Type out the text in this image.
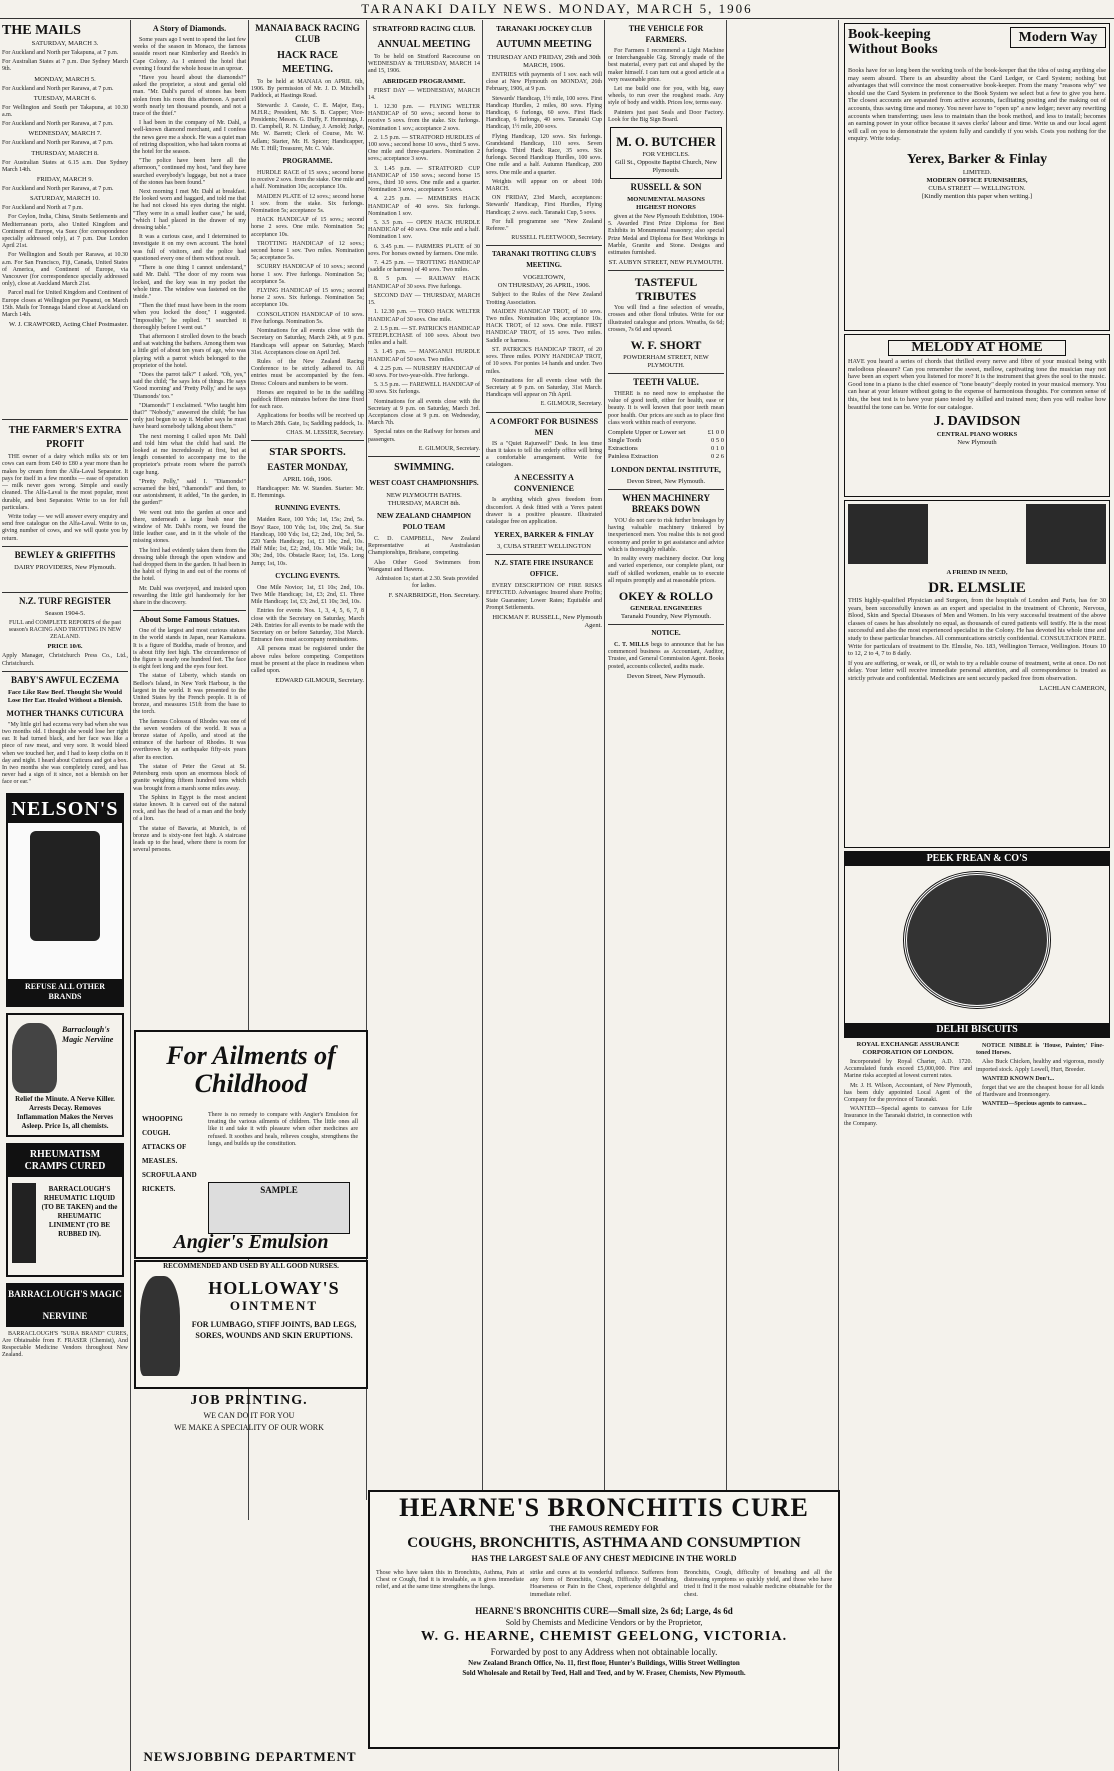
TARANAKI DAILY NEWS. MONDAY, MARCH 5, 1906
THE MAILS
SATURDAY, MARCH 3.
For Auckland and North per Takapuna, at 7 p.m.
For Australian States at 7 p.m. Due Sydney March 9th.
MONDAY, MARCH 5.
For Auckland and North per Rarawa, at 7 p.m.
TUESDAY, MARCH 6.
For Wellington and South per Takapuna, at 10.30 a.m.
For Auckland and North per Rarawa, at 7 p.m.
WEDNESDAY, MARCH 7.
For Auckland and North per Rarawa, at 7 p.m.
THURSDAY, MARCH 8.
For Australian States at 6.15 a.m. Due Sydney March 14th.
FRIDAY, MARCH 9.
For Auckland and North per Rarawa, at 7 p.m.
SATURDAY, MARCH 10.
For Auckland and North at 7 p.m.
For Ceylon, India, China, Straits Settlements and Mediterranean ports, also United Kingdom and Continent of Europe, via Suez (for correspondence specially addressed only), at 7 p.m. Due London April 21st.
For Wellington and South per Rarawa, at 10.30 a.m. For San Francisco, Fiji, Canada, United States of America, and Continent of Europe, via Vancouver (for correspondence specially addressed only), close at Auckland March 21st.
Parcel mail for United Kingdom and Continent of Europe closes at Wellington per Papanui, on March 15th. Mails for Tonnaga Island close at Auckland on March 14th.
W. J. CRAWFORD, Acting Chief Postmaster.
THE FARMER'S EXTRA PROFIT
THE owner of a dairy which milks six or ten cows can earn from £40 to £80 a year more than he makes by cream from the Alfa-Laval Separator. It pays for itself in a few months — ease of operation — milk never goes wrong. Simple and easily cleaned. The Alfa-Laval is the most popular, most durable, and best Separator. Write to us for full particulars.
Write today — we will answer every enquiry and send free catalogue on the Alfa-Laval. Write to us, giving number of cows, and we will quote you by return.
BEWLEY & GRIFFITHS
DAIRY PROVIDERS, New Plymouth.
N.Z. TURF REGISTER
Season 1904-5.
FULL and COMPLETE REPORTS of the past season's RACING AND TROTTING IN NEW ZEALAND.
PRICE 10/6.
Apply Manager, Christchurch Press Co., Ltd., Christchurch.
BABY'S AWFUL ECZEMA
Face Like Raw Beef. Thought She Would Lose Her Ear. Healed Without a Blemish.
MOTHER THANKS CUTICURA
"My little girl had eczema very bad when she was two months old. I thought she would lose her right ear. It had turned black, and her face was like a piece of raw meat, and very sore. It would bleed when we touched her, and I had to keep cloths on it day and night. I heard about Cuticura and got a box. In two months she was completely cured, and has never had a sign of it since, not a blemish on her face or ear."
NELSON'S
REFUSE ALL OTHER BRANDS
Barraclough's Magic Nerviine
Relief the Minute. A Nerve Killer. Arrests Decay. Removes Inflammation Makes the Nerves Asleep. Price 1s, all chemists.
RHEUMATISM CRAMPS CURED
BARRACLOUGH'S RHEUMATIC LIQUID (TO BE TAKEN) and the RHEUMATIC LINIMENT (TO BE RUBBED IN).
BARRACLOUGH'S MAGIC NERVIINE
BARRACLOUGH'S "SURA BRAND" CURES, Are Obtainable from F. FRASER (Chemist), And Respectable Medicine Vendors throughout New Zealand.
A Story of Diamonds.
Some years ago I went to spend the last few weeks of the season in Monaco, the famous seaside resort near Kimberley and Reeds's in Cape Colony. As I entered the hotel that evening I found the whole house in an uproar.
"Have you heard about the diamonds?" asked the proprietor, a stout and genial old man. "Mr. Dahl's parcel of stones has been stolen from his room this afternoon. A parcel worth nearly ten thousand pounds, and not a trace of the thief."
I had been in the company of Mr. Dahl, a well-known diamond merchant, and I confess the news gave me a shock. He was a quiet man of retiring disposition, who had taken rooms at the hotel for the season.
"The police have been here all the afternoon," continued my host, "and they have searched everybody's luggage, but not a trace of the stones has been found."
Next morning I met Mr. Dahl at breakfast. He looked worn and haggard, and told me that he had not closed his eyes during the night. "They were in a small leather case," he said, "which I had placed in the drawer of my dressing table."
It was a curious case, and I determined to investigate it on my own account. The hotel was full of visitors, and the police had questioned every one of them without result.
"There is one thing I cannot understand," said Mr. Dahl. "The door of my room was locked, and the key was in my pocket the whole time. The window was fastened on the inside."
"Then the thief must have been in the room when you locked the door," I suggested. "Impossible," he replied. "I searched it thoroughly before I went out."
That afternoon I strolled down to the beach and sat watching the bathers. Among them was a little girl of about ten years of age, who was playing with a parrot which belonged to the proprietor of the hotel.
"Does the parrot talk?" I asked. "Oh, yes," said the child; "he says lots of things. He says 'Good morning' and 'Pretty Polly,' and he says 'Diamonds' too."
"Diamonds!" I exclaimed. "Who taught him that?" "Nobody," answered the child; "he has only just begun to say it. Mother says he must have heard somebody talking about them."
The next morning I called upon Mr. Dahl and told him what the child had said. He looked at me incredulously at first, but at length consented to accompany me to the proprietor's private room where the parrot's cage hung.
"Pretty Polly," said I. "Diamonds!" screamed the bird, "diamonds!" and then, to our astonishment, it added, "In the garden, in the garden!"
We went out into the garden at once and there, underneath a large bush near the window of Mr. Dahl's room, we found the little leather case, and in it the whole of the missing stones.
The bird had evidently taken them from the dressing table through the open window and had dropped them in the garden. It had been in the habit of flying in and out of the rooms of the hotel.
Mr. Dahl was overjoyed, and insisted upon rewarding the little girl handsomely for her share in the discovery.
About Some Famous Statues.
One of the largest and most curious statues in the world stands in Japan, near Kamakura. It is a figure of Buddha, made of bronze, and is about fifty feet high. The circumference of the figure is nearly one hundred feet. The face is eight feet long and the eyes four feet.
The statue of Liberty, which stands on Bedloe's Island, in New York Harbour, is the largest in the world. It was presented to the United States by the French people. It is of bronze, and measures 151ft from the base to the torch.
The famous Colossus of Rhodes was one of the seven wonders of the world. It was a bronze statue of Apollo, and stood at the entrance of the harbour of Rhodes. It was overthrown by an earthquake fifty-six years after its erection.
The statue of Peter the Great at St. Petersburg rests upon an enormous block of granite weighing fifteen hundred tons which was brought from a marsh some miles away.
The Sphinx in Egypt is the most ancient statue known. It is carved out of the natural rock, and has the head of a man and the body of a lion.
The statue of Bavaria, at Munich, is of bronze and is sixty-one feet high. A staircase leads up to the head, where there is room for several persons.
MANAIA BACK RACING CLUB
HACK RACE MEETING.
To be held at MANAIA on APRIL 6th, 1906. By permission of Mr. J. D. Mitchell's Paddock, at Hastings Road.
Stewards: J. Cassie, C. E. Major, Esq., M.H.R.; President, Mr. S. B. Capper; Vice-Presidents; Messrs. G. Duffy, F. Hemmings, J. D. Campbell, R. N. Lindsay, J. Arnold; Judge, Mr. W. Barrett; Clerk of Course, Mr. W. Adlam; Starter, Mr. H. Spicer; Handicapper, Mr. T. Hill; Treasurer, Mr. C. Vale.
PROGRAMME.
HURDLE RACE of 15 sovs.; second horse to receive 2 sovs. from the stake. One mile and a half. Nomination 10s; acceptance 10s.
MAIDEN PLATE of 12 sovs.; second horse 1 sov. from the stake. Six furlongs. Nomination 5s; acceptance 5s.
HACK HANDICAP of 15 sovs.; second horse 2 sovs. One mile. Nomination 5s; acceptance 10s.
TROTTING HANDICAP of 12 sovs.; second horse 1 sov. Two miles. Nomination 5s; acceptance 5s.
SCURRY HANDICAP of 10 sovs.; second horse 1 sov. Five furlongs. Nomination 5s; acceptance 5s.
FLYING HANDICAP of 15 sovs.; second horse 2 sovs. Six furlongs. Nomination 5s; acceptance 10s.
CONSOLATION HANDICAP of 10 sovs. Five furlongs. Nomination 5s.
Nominations for all events close with the Secretary on Saturday, March 24th, at 9 p.m. Handicaps will appear on Saturday, March 31st. Acceptances close on April 3rd.
Rules of the New Zealand Racing Conference to be strictly adhered to. All entries must be accompanied by the fees. Dress: Colours and numbers to be worn.
Horses are required to be in the saddling paddock fifteen minutes before the time fixed for each race.
Applications for booths will be received up to March 28th. Gate, 1s; Saddling paddock, 1s.
CHAS. M. LESSIER, Secretary.
STAR SPORTS.
EASTER MONDAY,
APRIL 16th, 1906.
Handicapper: Mr. W. Standen. Starter: Mr. E. Hemmings.
RUNNING EVENTS.
Maiden Race, 100 Yds; 1st, 15s; 2nd, 5s. Boys' Race, 100 Yds; 1st, 10s; 2nd, 5s. Star Handicap, 100 Yds; 1st, £2; 2nd, 10s; 3rd, 5s. 220 Yards Handicap; 1st, £1 10s; 2nd, 10s. Half Mile; 1st, £2; 2nd, 10s. Mile Walk; 1st, 30s; 2nd, 10s. Obstacle Race; 1st, 15s. Long Jump; 1st, 10s.
CYCLING EVENTS.
One Mile Novice; 1st, £1 10s; 2nd, 10s. Two Mile Handicap; 1st, £3; 2nd, £1. Three Mile Handicap; 1st, £3; 2nd, £1 10s; 3rd, 10s.
Entries for events Nos. 1, 3, 4, 5, 6, 7, 8 close with the Secretary on Saturday, March 24th. Entries for all events to be made with the Secretary on or before Saturday, 31st March. Entrance fees must accompany nominations.
All persons must be registered under the above rules before competing. Competitors must be present at the place in readiness when called upon.
EDWARD GILMOUR, Secretary.
STRATFORD RACING CLUB.
ANNUAL MEETING
To be held on Stratford Racecourse on WEDNESDAY & THURSDAY, MARCH 14 and 15, 1906.
ABRIDGED PROGRAMME.
FIRST DAY — WEDNESDAY, MARCH 14.
1. 12.30 p.m. — FLYING WELTER HANDICAP of 50 sovs.; second horse to receive 5 sovs. from the stake. Six furlongs. Nomination 1 sov.; acceptance 2 sovs.
2. 1.5 p.m. — STRATFORD HURDLES of 100 sovs.; second horse 10 sovs., third 5 sovs. One mile and three-quarters. Nomination 2 sovs.; acceptance 3 sovs.
3. 1.45 p.m. — STRATFORD CUP HANDICAP of 150 sovs.; second horse 15 sovs., third 10 sovs. One mile and a quarter. Nomination 3 sovs.; acceptance 5 sovs.
4. 2.25 p.m. — MEMBERS HACK HANDICAP of 40 sovs. Six furlongs. Nomination 1 sov.
5. 3.5 p.m. — OPEN HACK HURDLE HANDICAP of 40 sovs. One mile and a half. Nomination 1 sov.
6. 3.45 p.m. — FARMERS PLATE of 30 sovs. For horses owned by farmers. One mile.
7. 4.25 p.m. — TROTTING HANDICAP (saddle or harness) of 40 sovs. Two miles.
8. 5 p.m. — RAILWAY HACK HANDICAP of 30 sovs. Five furlongs.
SECOND DAY — THURSDAY, MARCH 15.
1. 12.30 p.m. — TOKO HACK WELTER HANDICAP of 30 sovs. One mile.
2. 1.5 p.m. — ST. PATRICK'S HANDICAP STEEPLECHASE of 100 sovs. About two miles and a half.
3. 1.45 p.m. — MANGANUI HURDLE HANDICAP of 50 sovs. Two miles.
4. 2.25 p.m. — NURSERY HANDICAP of 40 sovs. For two-year-olds. Five furlongs.
5. 3.5 p.m. — FAREWELL HANDICAP of 30 sovs. Six furlongs.
Nominations for all events close with the Secretary at 9 p.m. on Saturday, March 3rd. Acceptances close at 9 p.m. on Wednesday, March 7th.
Special rates on the Railway for horses and passengers.
E. GILMOUR, Secretary.
SWIMMING.
WEST COAST CHAMPIONSHIPS.
NEW PLYMOUTH BATHS.
THURSDAY, MARCH 8th.
NEW ZEALAND CHAMPION POLO TEAM
C. D. CAMPBELL, New Zealand Representative at Australasian Championships, Brisbane, competing.
Also Other Good Swimmers from Wanganui and Hawera.
Admission 1s; start at 2.30. Seats provided for ladies.
F. SNARBRIDGE, Hon. Secretary.
TARANAKI JOCKEY CLUB
AUTUMN MEETING
THURSDAY AND FRIDAY, 29th and 30th MARCH, 1906.
ENTRIES with payments of 1 sov. each will close at New Plymouth on MONDAY, 26th February, 1906, at 9 p.m.
Stewards' Handicap, 1½ mile, 100 sovs. First Handicap Hurdles, 2 miles, 80 sovs. Flying Handicap, 6 furlongs, 60 sovs. First Hack Handicap, 6 furlongs, 40 sovs. Taranaki Cup Handicap, 1½ mile, 200 sovs.
Flying Handicap, 120 sovs. Six furlongs. Grandstand Handicap, 110 sovs. Seven furlongs. Third Hack Race, 35 sovs. Six furlongs. Second Handicap Hurdles, 100 sovs. One mile and a half. Autumn Handicap, 200 sovs. One mile and a quarter.
Weights will appear on or about 10th MARCH.
ON FRIDAY, 23rd March, acceptances: Stewards' Handicap, First Hurdles, Flying Handicap; 2 sovs. each. Taranaki Cup, 5 sovs.
For full programme see "New Zealand Referee."
RUSSELL FLEETWOOD, Secretary.
TARANAKI TROTTING CLUB'S MEETING.
VOGELTOWN,
ON THURSDAY, 26 APRIL, 1906.
Subject to the Rules of the New Zealand Trotting Association.
MAIDEN HANDICAP TROT, of 10 sovs. Two miles. Nomination 10s; acceptance 10s. HACK TROT, of 12 sovs. One mile. FIRST HANDICAP TROT, of 15 sovs. Two miles. Saddle or harness.
ST. PATRICK'S HANDICAP TROT, of 20 sovs. Three miles. PONY HANDICAP TROT, of 10 sovs. For ponies 14 hands and under. Two miles.
Nominations for all events close with the Secretary at 9 p.m. on Saturday, 31st March. Handicaps will appear on 7th April.
E. GILMOUR, Secretary.
A COMFORT FOR BUSINESS MEN
IS a "Quiet Rajunwell" Desk. In less time than it takes to tell the orderly office will bring a comfortable arrangement. Write for catalogues.
A NECESSITY A CONVENIENCE
Is anything which gives freedom from discomfort. A desk fitted with a Yerex patent drawer is a positive pleasure. Illustrated catalogue free on application.
YEREX, BARKER & FINLAY
3, CUBA STREET WELLINGTON
N.Z. STATE FIRE INSURANCE OFFICE.
EVERY DESCRIPTION OF FIRE RISKS EFFECTED. Advantages: Insured share Profits; State Guarantee; Lower Rates; Equitable and Prompt Settlements.
HICKMAN F. RUSSELL, New Plymouth Agent.
THE VEHICLE FOR FARMERS.
For Farmers I recommend a Light Machine or Interchangeable Gig. Strongly made of the best material, every part cut and shaped by the maker himself. I can turn out a good article at a very reasonable price.
Let me build one for you, with big, easy wheels, to run over the roughest roads. Any style of body and width. Prices low, terms easy.
Painters just past Seals and Door Factory. Look for the Big Sign Board.
M. O. BUTCHER
FOR VEHICLES.
Gill St., Opposite Baptist Church, New Plymouth.
RUSSELL & SON
MONUMENTAL MASONS
HIGHEST HONORS
given at the New Plymouth Exhibition, 1904-5. Awarded First Prize Diploma for Best Exhibits in Monumental masonry; also special Prize Medal and Diploma for Best Workings in Marble, Granite and Stone. Designs and estimates furnished.
ST. AUBYN STREET, NEW PLYMOUTH.
TASTEFUL TRIBUTES
You will find a fine selection of wreaths, crosses and other floral tributes. Write for our illustrated catalogue and prices. Wreaths, 6s 6d; crosses, 7s 6d and upward.
W. F. SHORT
POWDERHAM STREET, NEW PLYMOUTH.
TEETH VALUE.
THERE is no need now to emphasise the value of good teeth, either for health, ease or beauty. It is well known that poor teeth mean poor health. Our prices are such as to place first class work within reach of everyone.
Complete Upper or Lower set	£1 0 0
Single Tooth	0 5 0
Extractions	0 1 0
Painless Extraction	0 2 6
LONDON DENTAL INSTITUTE,
Devon Street, New Plymouth.
WHEN MACHINERY BREAKS DOWN
YOU do not care to risk further breakages by having valuable machinery tinkered by inexperienced men. You realise this is not good economy and prefer to get assistance and advice which is thoroughly reliable.
In reality every machinery doctor. Our long and varied experience, our complete plant, our staff of skilled workmen, enable us to execute all repairs promptly and at reasonable prices.
OKEY & ROLLO
GENERAL ENGINEERS
Taranaki Foundry, New Plymouth.
NOTICE.
C. T. MILLS begs to announce that he has commenced business as Accountant, Auditor, Trustee, and General Commission Agent. Books posted, accounts collected, audits made.
Devon Street, New Plymouth.
Book-keeping Without Books
Modern Way
Books have for so long been the working tools of the book-keeper that the idea of using anything else may seem absurd. There is an absurdity about the Card Ledger, or Card System; nothing but advantages that will convince the most conservative book-keeper. From the many "reasons why" we should use the Card System in preference to the Book System we select but a few to give you here. The closest accounts are separated from active accounts, facilitating posting and the making out of accounts, thus saving time and money. You never have to "open up" a new ledger; never any rewriting accounts when transferring; uses less to maintain than the book method, and less to install; becomes an earning power in your office because it saves clerks' labour and time. Write us and our local agent will call on you to demonstrate the system fully and candidly if you wish. Costs you nothing for the enquiry. Write today.
Yerex, Barker & Finlay
LIMITED.
MODERN OFFICE FURNISHERS,
CUBA STREET — WELLINGTON.
[Kindly mention this paper when writing.]
MELODY AT HOME
HAVE you heard a series of chords that thrilled every nerve and fibre of your musical being with melodious pleasure? Can you remember the sweet, mellow, captivating tone the musician may not have been an expert when you listened for more? It is the instrument that gives the soul to the music. Good tone in a piano is the chief essence of "tone beauty" deeply rooted in your musical memory. You can hear at your leisure without going to the expense of harmonious thoughts. For common sense of this, the best test is to have your piano tested by skilled and trained men; then you will realise how beautiful the tone can be. Write for our catalogue.
J. DAVIDSON
CENTRAL PIANO WORKS
New Plymouth
A FRIEND IN NEED,
DR. ELMSLIE
THIS highly-qualified Physician and Surgeon, from the hospitals of London and Paris, has for 30 years, been successfully known as an expert and specialist in the treatment of Chronic, Nervous, Blood, Skin and Special Diseases of Men and Women. In his very successful treatment of the above classes of cases he has absolutely no equal, as thousands of cured patients will testify. He is the most successful and also the most experienced specialist in the Colony. He has devoted his whole time and study to these particular branches. All communications strictly confidential. CONSULTATION FREE. Write for particulars of treatment to Dr. Elmslie, No. 183, Wellington Terrace, Wellington. Hours 10 to 12, 2 to 4, 7 to 8 daily.
If you are suffering, or weak, or ill, or wish to try a reliable course of treatment, write at once. Do not delay. Your letter will receive immediate personal attention, and all correspondence is treated as strictly private and confidential. Medicines are sent securely packed free from observation.
LACHLAN CAMERON,
PEEK FREAN & CO'S
DELHI BISCUITS
ROYAL EXCHANGE ASSURANCE CORPORATION OF LONDON.
Incorporated by Royal Charter, A.D. 1720. Accumulated funds exceed £5,000,000. Fire and Marine risks accepted at lowest current rates.
Mr. J. H. Wilson, Accountant, of New Plymouth, has been duly appointed Local Agent of the Company for the province of Taranaki.
WANTED—Special agents to canvass for Life Insurance in the Taranaki district, in connection with the Company.
NOTICE NIBBLE is 'House, Painter,' Fine-toned Horses.
Also Buck Chicken, healthy and vigorous, mostly imported stock. Apply Lowell, Hurt, Breeder.
WANTED KNOWN Don't...
forget that we are the cheapest house for all kinds of Hardware and Ironmongery.
WANTED—Specious agents to canvass...
For Ailments of Childhood
WHOOPING COUGH.
ATTACKS OF MEASLES.
SCROFULA AND RICKETS.
There is no remedy to compare with Angier's Emulsion for treating the various ailments of children. The little ones all like it and take it with pleasure when other medicines are refused. It soothes and heals, relieves coughs, strengthens the lungs, and builds up the constitution.
SAMPLE
Angier's Emulsion
RECOMMENDED AND USED BY ALL GOOD NURSES.
HOLLOWAY'S
OINTMENT
FOR LUMBAGO, STIFF JOINTS, BAD LEGS, SORES, WOUNDS AND SKIN ERUPTIONS.
JOB PRINTING.
WE CAN DO IT FOR YOU
WE MAKE A SPECIALITY OF OUR WORK
NEWSJOBBING DEPARTMENT
HEARNE'S BRONCHITIS CURE
THE FAMOUS REMEDY FOR
COUGHS, BRONCHITIS, ASTHMA AND CONSUMPTION
HAS THE LARGEST SALE OF ANY CHEST MEDICINE IN THE WORLD
Those who have taken this in Bronchitis, Asthma, Pain at Chest or Cough, find it is invaluable, as it gives immediate relief, and at the same time strengthens the lungs.
strike and cures at its wonderful influence. Sufferers from any form of Bronchitis, Cough, Difficulty of Breathing, Hoarseness or Pain in the Chest, experience delightful and immediate relief.
Bronchitis, Cough, difficulty of breathing and all the distressing symptoms so quickly yield, and those who have tried it find it the most valuable medicine obtainable for the chest.
HEARNE'S BRONCHITIS CURE—Small size, 2s 6d; Large, 4s 6d
Sold by Chemists and Medicine Vendors or by the Proprietor,
W. G. HEARNE, CHEMIST GEELONG, VICTORIA.
Forwarded by post to any Address when not obtainable locally.
New Zealand Branch Office, No. 11, first floor, Hunter's Buildings, Willis Street Wellington
Sold Wholesale and Retail by Teed, Hall and Teed, and by W. Fraser, Chemists, New Plymouth.
